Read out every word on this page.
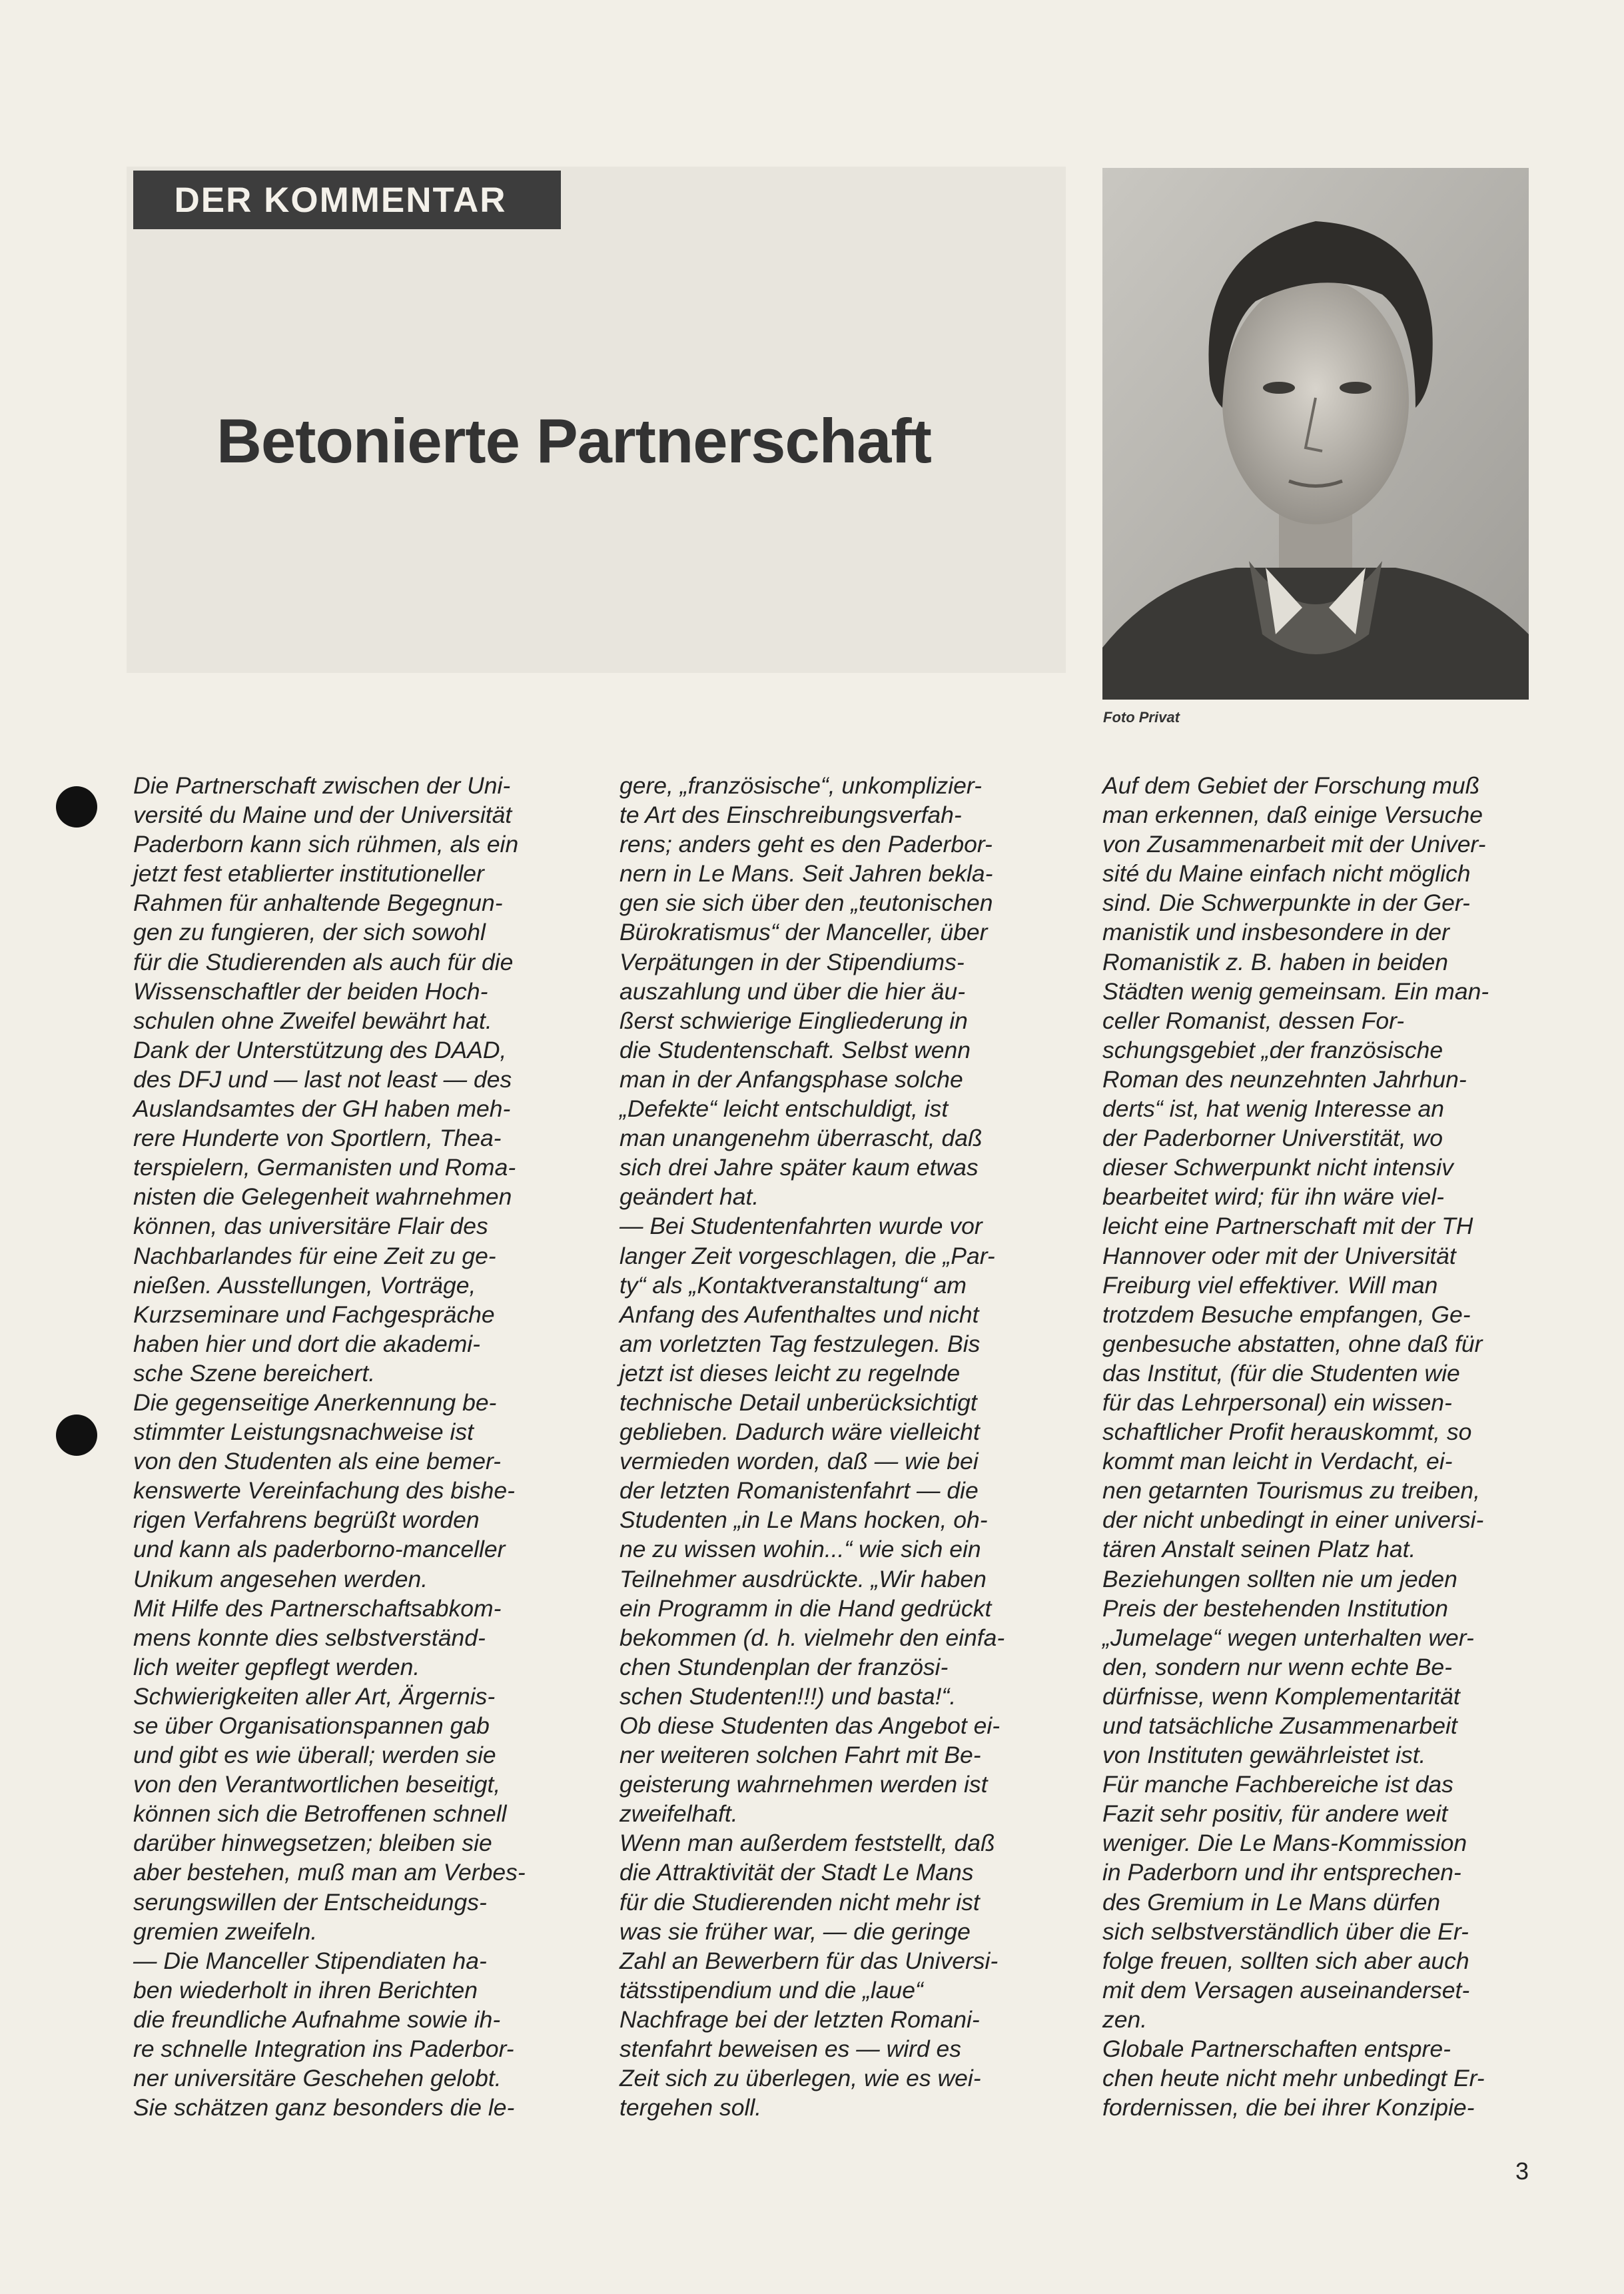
DER KOMMENTAR
Betonierte Partnerschaft
Foto Privat
Die Partnerschaft zwischen der Uni-
versité du Maine und der Universität
Paderborn kann sich rühmen, als ein
jetzt fest etablierter institutioneller
Rahmen für anhaltende Begegnun-
gen zu fungieren, der sich sowohl
für die Studierenden als auch für die
Wissenschaftler der beiden Hoch-
schulen ohne Zweifel bewährt hat.
Dank der Unterstützung des DAAD,
des DFJ und — last not least — des
Auslandsamtes der GH haben meh-
rere Hunderte von Sportlern, Thea-
terspielern, Germanisten und Roma-
nisten die Gelegenheit wahrnehmen
können, das universitäre Flair des
Nachbarlandes für eine Zeit zu ge-
nießen. Ausstellungen, Vorträge,
Kurzseminare und Fachgespräche
haben hier und dort die akademi-
sche Szene bereichert.
Die gegenseitige Anerkennung be-
stimmter Leistungsnachweise ist
von den Studenten als eine bemer-
kenswerte Vereinfachung des bishe-
rigen Verfahrens begrüßt worden
und kann als paderborno-manceller
Unikum angesehen werden.
Mit Hilfe des Partnerschaftsabkom-
mens konnte dies selbstverständ-
lich weiter gepflegt werden.
Schwierigkeiten aller Art, Ärgernis-
se über Organisationspannen gab
und gibt es wie überall; werden sie
von den Verantwortlichen beseitigt,
können sich die Betroffenen schnell
darüber hinwegsetzen; bleiben sie
aber bestehen, muß man am Verbes-
serungswillen der Entscheidungs-
gremien zweifeln.
— Die Manceller Stipendiaten ha-
ben wiederholt in ihren Berichten
die freundliche Aufnahme sowie ih-
re schnelle Integration ins Paderbor-
ner universitäre Geschehen gelobt.
Sie schätzen ganz besonders die le-
gere, „französische“, unkomplizier-
te Art des Einschreibungsverfah-
rens; anders geht es den Paderbor-
nern in Le Mans. Seit Jahren bekla-
gen sie sich über den „teutonischen
Bürokratismus“ der Manceller, über
Verpätungen in der Stipendiums-
auszahlung und über die hier äu-
ßerst schwierige Eingliederung in
die Studentenschaft. Selbst wenn
man in der Anfangsphase solche
„Defekte“ leicht entschuldigt, ist
man unangenehm überrascht, daß
sich drei Jahre später kaum etwas
geändert hat.
— Bei Studentenfahrten wurde vor
langer Zeit vorgeschlagen, die „Par-
ty“ als „Kontaktveranstaltung“ am
Anfang des Aufenthaltes und nicht
am vorletzten Tag festzulegen. Bis
jetzt ist dieses leicht zu regelnde
technische Detail unberücksichtigt
geblieben. Dadurch wäre vielleicht
vermieden worden, daß — wie bei
der letzten Romanistenfahrt — die
Studenten „in Le Mans hocken, oh-
ne zu wissen wohin...“ wie sich ein
Teilnehmer ausdrückte. „Wir haben
ein Programm in die Hand gedrückt
bekommen (d. h. vielmehr den einfa-
chen Stundenplan der französi-
schen Studenten!!!) und basta!“.
Ob diese Studenten das Angebot ei-
ner weiteren solchen Fahrt mit Be-
geisterung wahrnehmen werden ist
zweifelhaft.
Wenn man außerdem feststellt, daß
die Attraktivität der Stadt Le Mans
für die Studierenden nicht mehr ist
was sie früher war, — die geringe
Zahl an Bewerbern für das Universi-
tätsstipendium und die „laue“
Nachfrage bei der letzten Romani-
stenfahrt beweisen es — wird es
Zeit sich zu überlegen, wie es wei-
tergehen soll.
Auf dem Gebiet der Forschung muß
man erkennen, daß einige Versuche
von Zusammenarbeit mit der Univer-
sité du Maine einfach nicht möglich
sind. Die Schwerpunkte in der Ger-
manistik und insbesondere in der
Romanistik z. B. haben in beiden
Städten wenig gemeinsam. Ein man-
celler Romanist, dessen For-
schungsgebiet „der französische
Roman des neunzehnten Jahrhun-
derts“ ist, hat wenig Interesse an
der Paderborner Universtität, wo
dieser Schwerpunkt nicht intensiv
bearbeitet wird; für ihn wäre viel-
leicht eine Partnerschaft mit der TH
Hannover oder mit der Universität
Freiburg viel effektiver. Will man
trotzdem Besuche empfangen, Ge-
genbesuche abstatten, ohne daß für
das Institut, (für die Studenten wie
für das Lehrpersonal) ein wissen-
schaftlicher Profit herauskommt, so
kommt man leicht in Verdacht, ei-
nen getarnten Tourismus zu treiben,
der nicht unbedingt in einer universi-
tären Anstalt seinen Platz hat.
Beziehungen sollten nie um jeden
Preis der bestehenden Institution
„Jumelage“ wegen unterhalten wer-
den, sondern nur wenn echte Be-
dürfnisse, wenn Komplementarität
und tatsächliche Zusammenarbeit
von Instituten gewährleistet ist.
Für manche Fachbereiche ist das
Fazit sehr positiv, für andere weit
weniger. Die Le Mans-Kommission
in Paderborn und ihr entsprechen-
des Gremium in Le Mans dürfen
sich selbstverständlich über die Er-
folge freuen, sollten sich aber auch
mit dem Versagen auseinanderset-
zen.
Globale Partnerschaften entspre-
chen heute nicht mehr unbedingt Er-
fordernissen, die bei ihrer Konzipie-
3
